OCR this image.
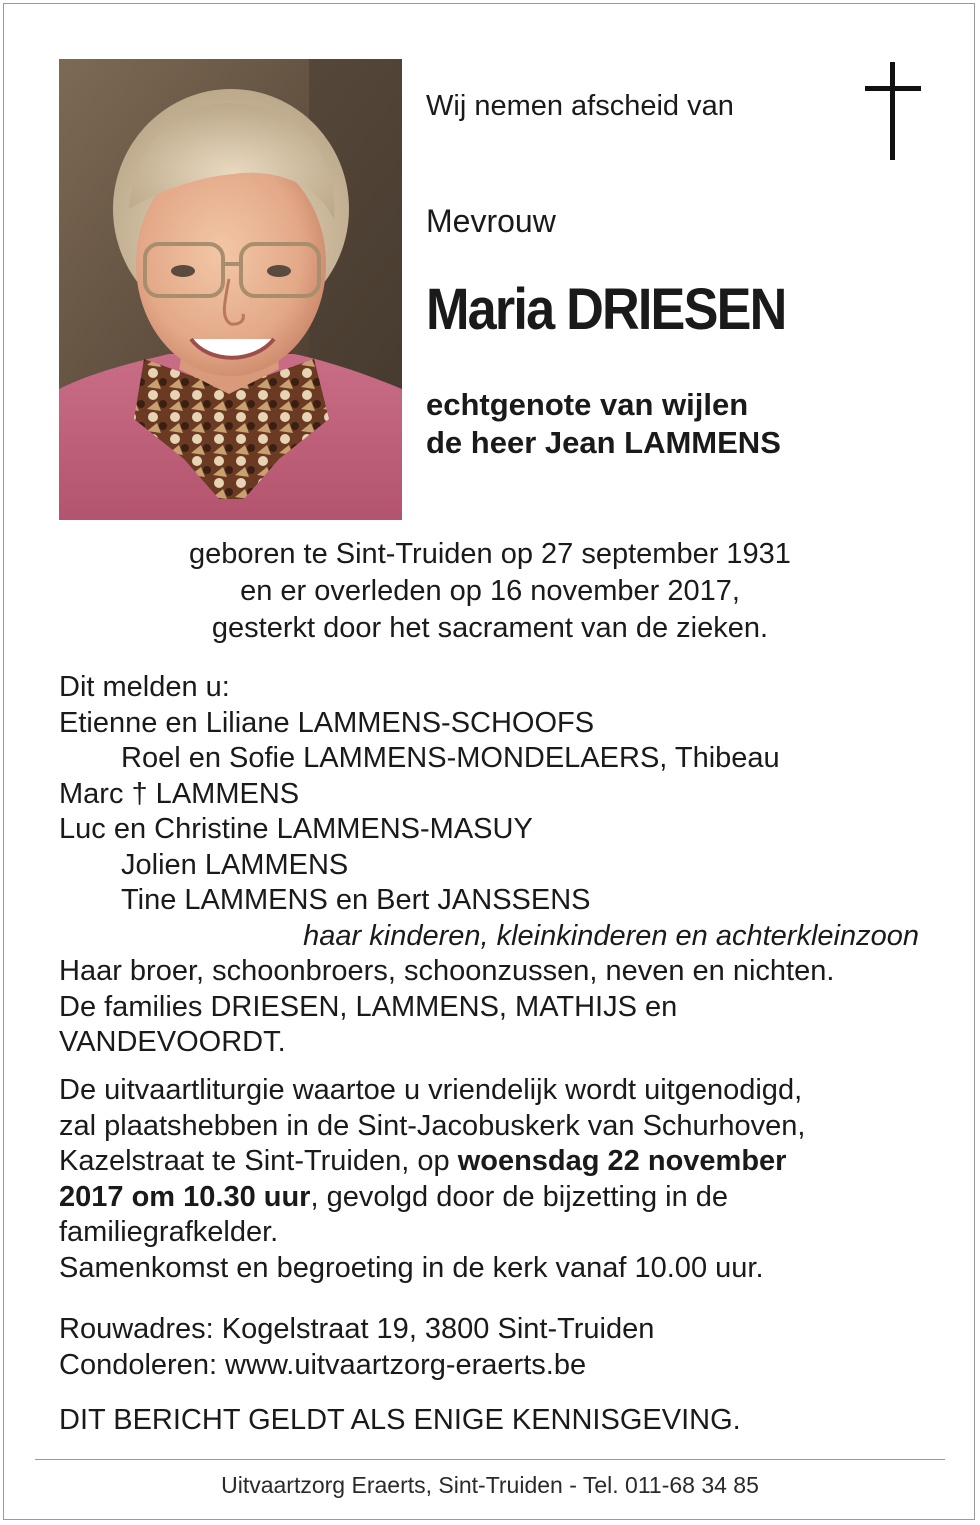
Wij nemen afscheid van
Mevrouw
Maria DRIESEN
echtgenote van wijlen
de heer Jean LAMMENS
geboren te Sint-Truiden op 27 september 1931
en er overleden op 16 november 2017,
gesterkt door het sacrament van de zieken.
Dit melden u:
Etienne en Liliane LAMMENS-SCHOOFS
Roel en Sofie LAMMENS-MONDELAERS, Thibeau
Marc † LAMMENS
Luc en Christine LAMMENS-MASUY
Jolien LAMMENS
Tine LAMMENS en Bert JANSSENS
haar kinderen, kleinkinderen en achterkleinzoon
Haar broer, schoonbroers, schoonzussen, neven en nichten.
De families DRIESEN, LAMMENS, MATHIJS en
VANDEVOORDT.
De uitvaartliturgie waartoe u vriendelijk wordt uitgenodigd,
zal plaatshebben in de Sint-Jacobuskerk van Schurhoven,
Kazelstraat te Sint-Truiden, op woensdag 22 november
2017 om 10.30 uur, gevolgd door de bijzetting in de
familiegrafkelder.
Samenkomst en begroeting in de kerk vanaf 10.00 uur.
Rouwadres: Kogelstraat 19, 3800 Sint-Truiden
Condoleren: www.uitvaartzorg-eraerts.be
DIT BERICHT GELDT ALS ENIGE KENNISGEVING.
Uitvaartzorg Eraerts, Sint-Truiden - Tel. 011-68 34 85
